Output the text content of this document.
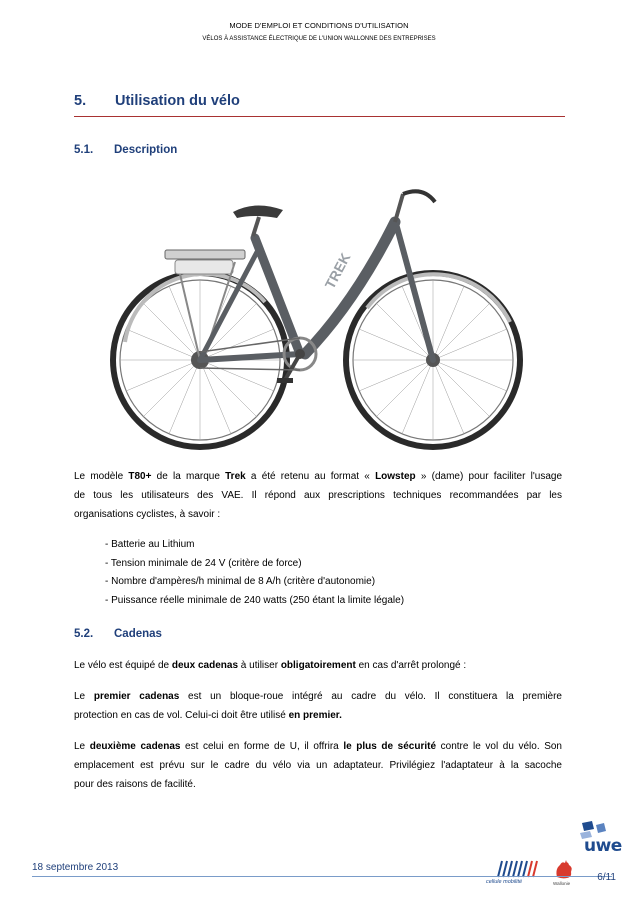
MODE D'EMPLOI ET CONDITIONS D'UTILISATION
VÉLOS À ASSISTANCE ÉLECTRIQUE DE L'UNION WALLONNE DES ENTREPRISES
5. Utilisation du vélo
5.1. Description
TREK
Le modèle T80+ de la marque Trek a été retenu au format « Lowstep » (dame) pour faciliter l'usage
de tous les utilisateurs des VAE. Il répond aux prescriptions techniques recommandées par les
organisations cyclistes, à savoir :
- Batterie au Lithium
- Tension minimale de 24 V (critère de force)
- Nombre d'ampères/h minimal de 8 A/h (critère d'autonomie)
- Puissance réelle minimale de 240 watts (250 étant la limite légale)
5.2. Cadenas
Le vélo est équipé de deux cadenas à utiliser obligatoirement en cas d'arrêt prolongé :
Le premier cadenas est un bloque-roue intégré au cadre du vélo. Il constituera la première
protection en cas de vol. Celui-ci doit être utilisé en premier.
Le deuxième cadenas est celui en forme de U, il offrira le plus de sécurité contre le vol du vélo. Son
emplacement est prévu sur le cadre du vélo via un adaptateur. Privilégiez l'adaptateur à la sacoche
pour des raisons de facilité.
uwe
cellule mobilité	Wallonie
18 septembre 2013
6/11
